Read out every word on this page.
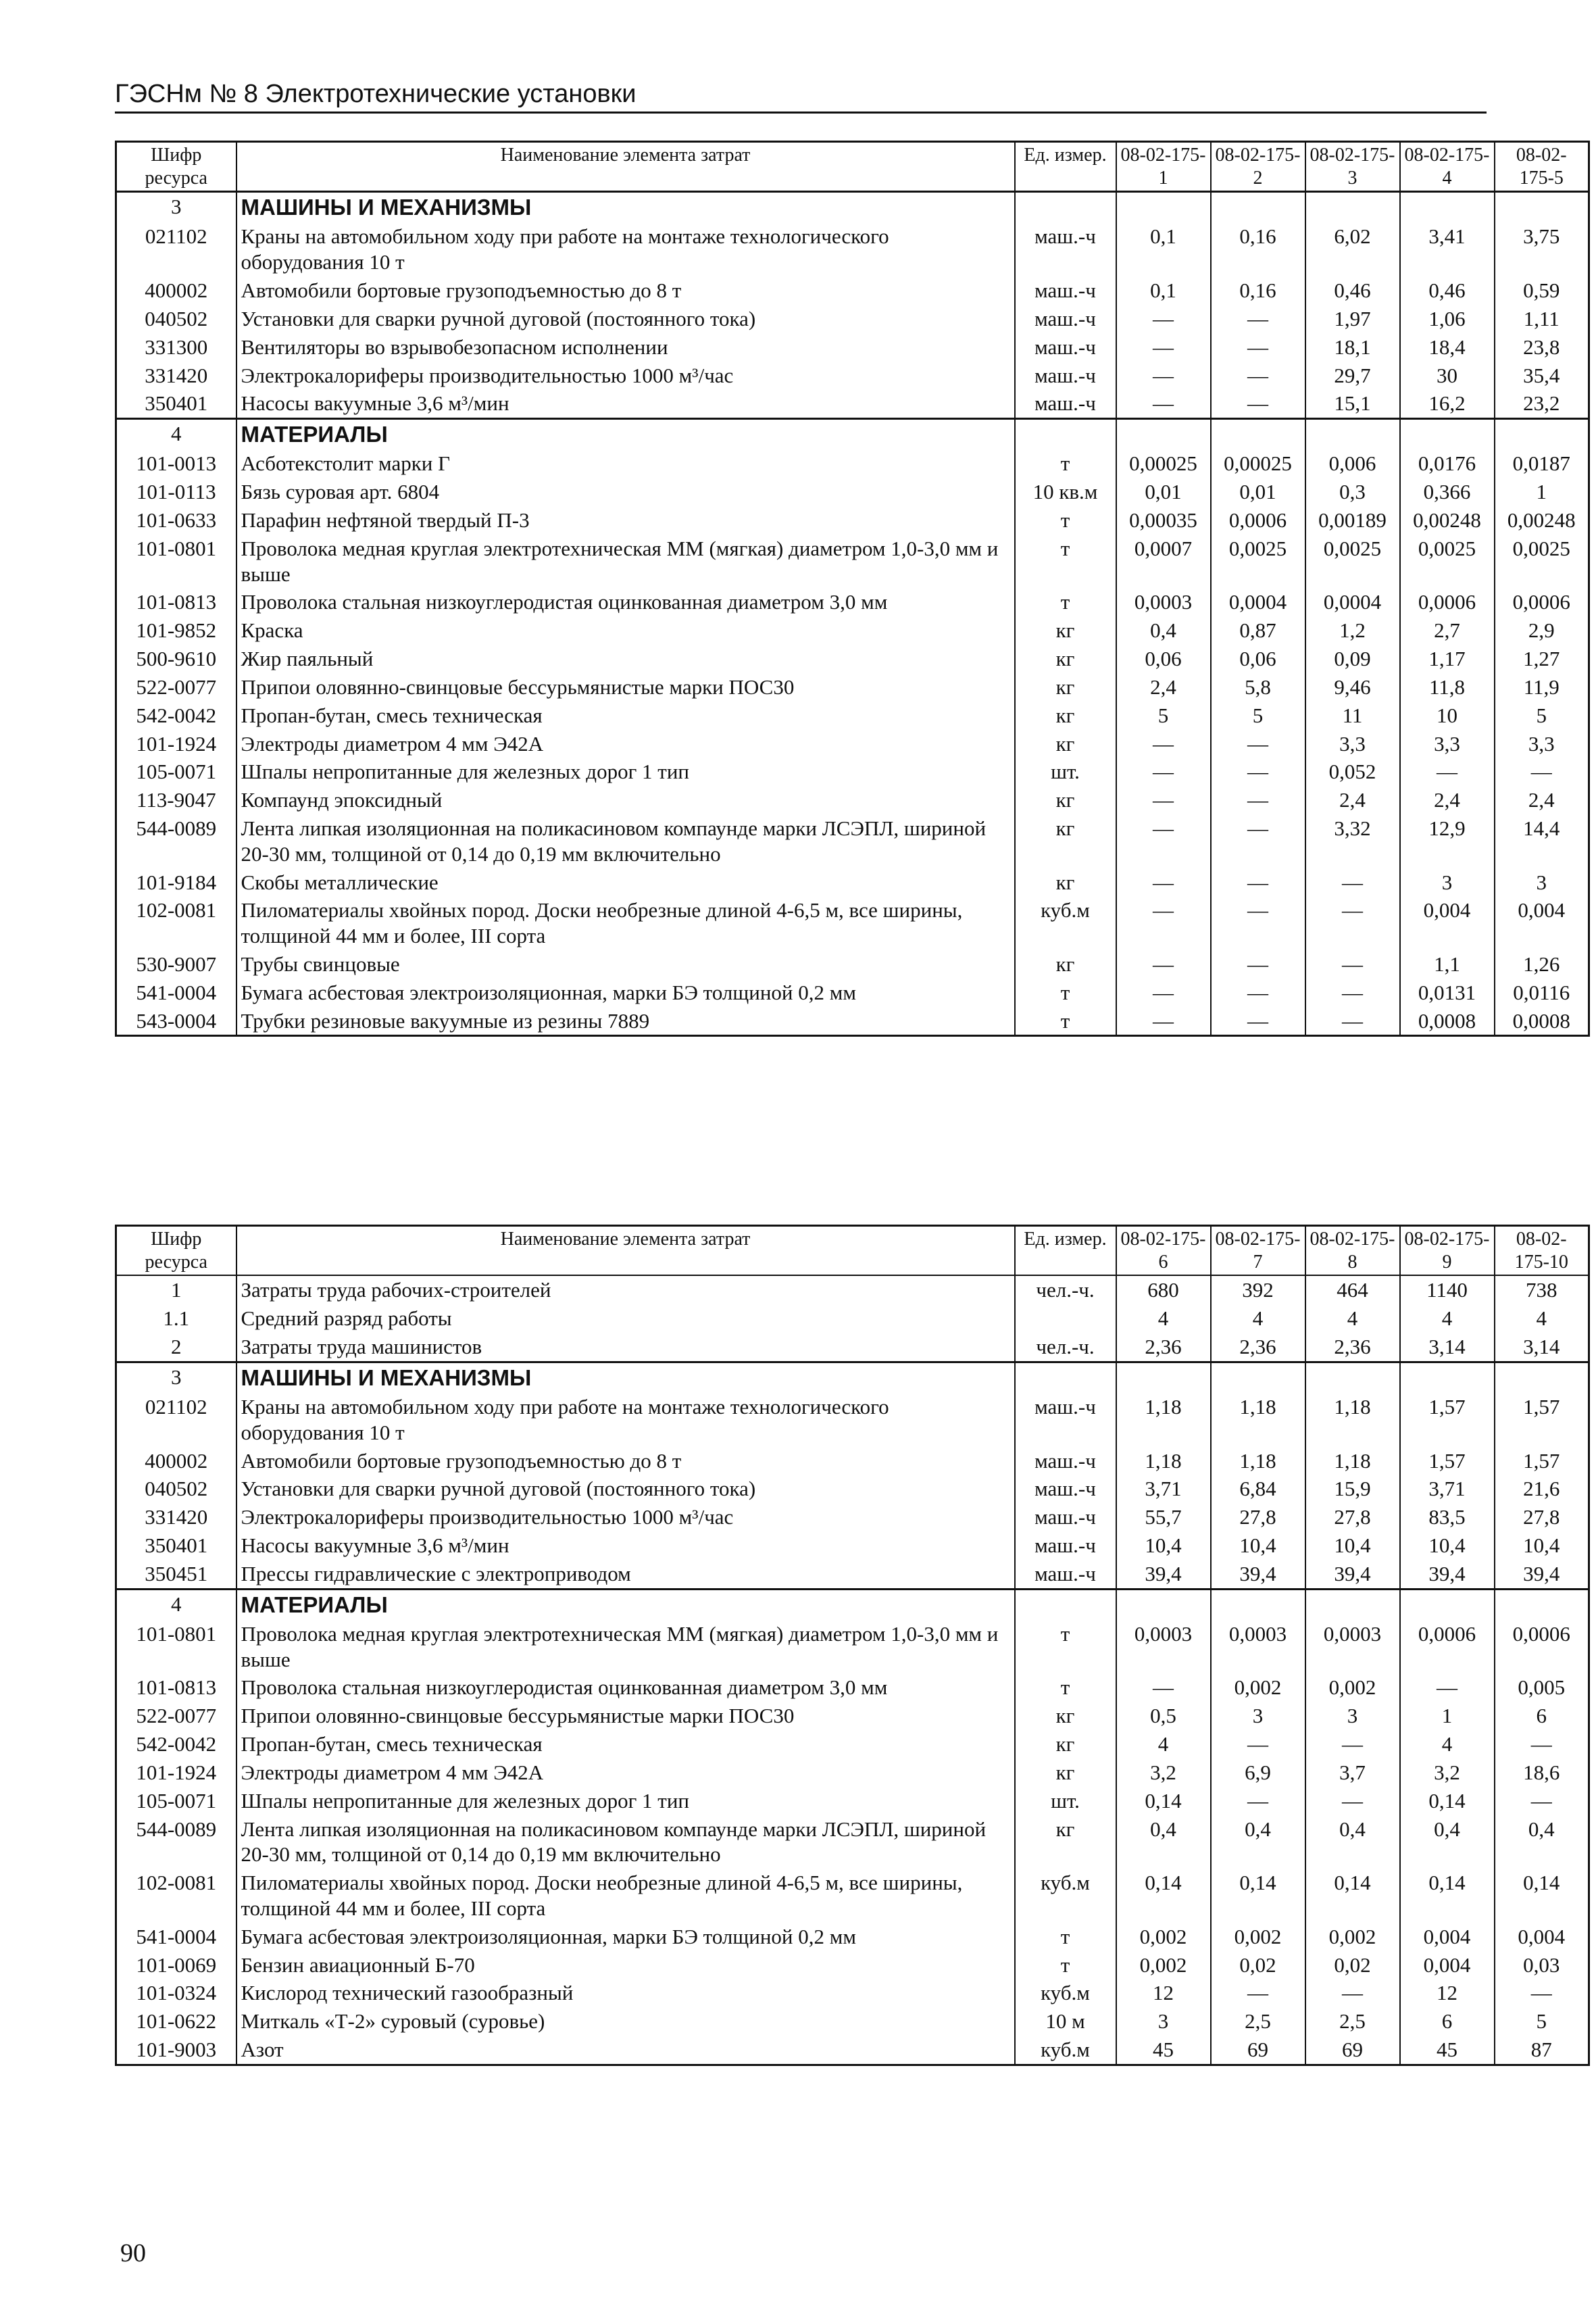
ГЭСНм № 8 Электротехнические установки
Шифр ресурса	Наименование элемента затрат	Ед. измер.	08-02-175-1	08-02-175-2	08-02-175-3	08-02-175-4	08-02-175-5
3	МАШИНЫ И МЕХАНИЗМЫ						
021102	Краны на автомобильном ходу при работе на монтаже технологического оборудования 10 т	маш.-ч	0,1	0,16	6,02	3,41	3,75
400002	Автомобили бортовые грузоподъемностью до 8 т	маш.-ч	0,1	0,16	0,46	0,46	0,59
040502	Установки для сварки ручной дуговой (постоянного тока)	маш.-ч	—	—	1,97	1,06	1,11
331300	Вентиляторы во взрывобезопасном исполнении	маш.-ч	—	—	18,1	18,4	23,8
331420	Электрокалориферы производительностью 1000 м³/час	маш.-ч	—	—	29,7	30	35,4
350401	Насосы вакуумные 3,6 м³/мин	маш.-ч	—	—	15,1	16,2	23,2
4	МАТЕРИАЛЫ						
101-0013	Асботекстолит марки Г	т	0,00025	0,00025	0,006	0,0176	0,0187
101-0113	Бязь суровая арт. 6804	10 кв.м	0,01	0,01	0,3	0,366	1
101-0633	Парафин нефтяной твердый П-3	т	0,00035	0,0006	0,00189	0,00248	0,00248
101-0801	Проволока медная круглая электротехническая ММ (мягкая) диаметром 1,0-3,0 мм и выше	т	0,0007	0,0025	0,0025	0,0025	0,0025
101-0813	Проволока стальная низкоуглеродистая оцинкованная диаметром 3,0 мм	т	0,0003	0,0004	0,0004	0,0006	0,0006
101-9852	Краска	кг	0,4	0,87	1,2	2,7	2,9
500-9610	Жир паяльный	кг	0,06	0,06	0,09	1,17	1,27
522-0077	Припои оловянно-свинцовые бессурьмянистые марки ПОС30	кг	2,4	5,8	9,46	11,8	11,9
542-0042	Пропан-бутан, смесь техническая	кг	5	5	11	10	5
101-1924	Электроды диаметром 4 мм Э42А	кг	—	—	3,3	3,3	3,3
105-0071	Шпалы непропитанные для железных дорог 1 тип	шт.	—	—	0,052	—	—
113-9047	Компаунд эпоксидный	кг	—	—	2,4	2,4	2,4
544-0089	Лента липкая изоляционная на поликасиновом компаунде марки ЛСЭПЛ, шириной 20-30 мм, толщиной от 0,14 до 0,19 мм включительно	кг	—	—	3,32	12,9	14,4
101-9184	Скобы металлические	кг	—	—	—	3	3
102-0081	Пиломатериалы хвойных пород. Доски необрезные длиной 4-6,5 м, все ширины, толщиной 44 мм и более, III сорта	куб.м	—	—	—	0,004	0,004
530-9007	Трубы свинцовые	кг	—	—	—	1,1	1,26
541-0004	Бумага асбестовая электроизоляционная, марки БЭ толщиной 0,2 мм	т	—	—	—	0,0131	0,0116
543-0004	Трубки резиновые вакуумные из резины 7889	т	—	—	—	0,0008	0,0008
Шифр ресурса	Наименование элемента затрат	Ед. измер.	08-02-175-6	08-02-175-7	08-02-175-8	08-02-175-9	08-02-175-10
1	Затраты труда рабочих-строителей	чел.-ч.	680	392	464	1140	738
1.1	Средний разряд работы		4	4	4	4	4
2	Затраты труда машинистов	чел.-ч.	2,36	2,36	2,36	3,14	3,14
3	МАШИНЫ И МЕХАНИЗМЫ						
021102	Краны на автомобильном ходу при работе на монтаже технологического оборудования 10 т	маш.-ч	1,18	1,18	1,18	1,57	1,57
400002	Автомобили бортовые грузоподъемностью до 8 т	маш.-ч	1,18	1,18	1,18	1,57	1,57
040502	Установки для сварки ручной дуговой (постоянного тока)	маш.-ч	3,71	6,84	15,9	3,71	21,6
331420	Электрокалориферы производительностью 1000 м³/час	маш.-ч	55,7	27,8	27,8	83,5	27,8
350401	Насосы вакуумные 3,6 м³/мин	маш.-ч	10,4	10,4	10,4	10,4	10,4
350451	Прессы гидравлические с электроприводом	маш.-ч	39,4	39,4	39,4	39,4	39,4
4	МАТЕРИАЛЫ						
101-0801	Проволока медная круглая электротехническая ММ (мягкая) диаметром 1,0-3,0 мм и выше	т	0,0003	0,0003	0,0003	0,0006	0,0006
101-0813	Проволока стальная низкоуглеродистая оцинкованная диаметром 3,0 мм	т	—	0,002	0,002	—	0,005
522-0077	Припои оловянно-свинцовые бессурьмянистые марки ПОС30	кг	0,5	3	3	1	6
542-0042	Пропан-бутан, смесь техническая	кг	4	—	—	4	—
101-1924	Электроды диаметром 4 мм Э42А	кг	3,2	6,9	3,7	3,2	18,6
105-0071	Шпалы непропитанные для железных дорог 1 тип	шт.	0,14	—	—	0,14	—
544-0089	Лента липкая изоляционная на поликасиновом компаунде марки ЛСЭПЛ, шириной 20-30 мм, толщиной от 0,14 до 0,19 мм включительно	кг	0,4	0,4	0,4	0,4	0,4
102-0081	Пиломатериалы хвойных пород. Доски необрезные длиной 4-6,5 м, все ширины, толщиной 44 мм и более, III сорта	куб.м	0,14	0,14	0,14	0,14	0,14
541-0004	Бумага асбестовая электроизоляционная, марки БЭ толщиной 0,2 мм	т	0,002	0,002	0,002	0,004	0,004
101-0069	Бензин авиационный Б-70	т	0,002	0,02	0,02	0,004	0,03
101-0324	Кислород технический газообразный	куб.м	12	—	—	12	—
101-0622	Миткаль «Т-2» суровый (суровье)	10 м	3	2,5	2,5	6	5
101-9003	Азот	куб.м	45	69	69	45	87
90
